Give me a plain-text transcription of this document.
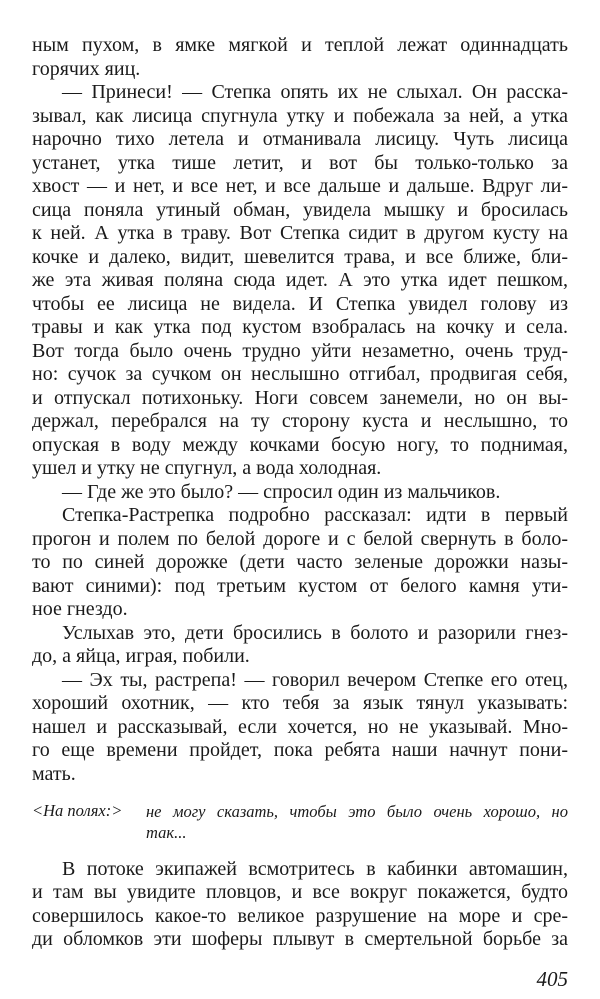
ным пухом, в ямке мягкой и теплой лежат одиннадцать
горячих яиц.
— Принеси! — Степка опять их не слыхал. Он расска-
зывал, как лисица спугнула утку и побежала за ней, а утка
нарочно тихо летела и отманивала лисицу. Чуть лисица
устанет, утка тише летит, и вот бы только-только за
хвост — и нет, и все нет, и все дальше и дальше. Вдруг ли-
сица поняла утиный обман, увидела мышку и бросилась
к ней. А утка в траву. Вот Степка сидит в другом кусту на
кочке и далеко, видит, шевелится трава, и все ближе, бли-
же эта живая поляна сюда идет. А это утка идет пешком,
чтобы ее лисица не видела. И Степка увидел голову из
травы и как утка под кустом взобралась на кочку и села.
Вот тогда было очень трудно уйти незаметно, очень труд-
но: сучок за сучком он неслышно отгибал, продвигая себя,
и отпускал потихоньку. Ноги совсем занемели, но он вы-
держал, перебрался на ту сторону куста и неслышно, то
опуская в воду между кочками босую ногу, то поднимая,
ушел и утку не спугнул, а вода холодная.
— Где же это было? — спросил один из мальчиков.
Степка-Растрепка подробно рассказал: идти в первый
прогон и полем по белой дороге и с белой свернуть в боло-
то по синей дорожке (дети часто зеленые дорожки назы-
вают синими): под третьим кустом от белого камня ути-
ное гнездо.
Услыхав это, дети бросились в болото и разорили гнез-
до, а яйца, играя, побили.
— Эх ты, растрепа! — говорил вечером Степке его отец,
хороший охотник, — кто тебя за язык тянул указывать:
нашел и рассказывай, если хочется, но не указывай. Мно-
го еще времени пройдет, пока ребята наши начнут пони-
мать.
В потоке экипажей всмотритесь в кабинки автомашин,
и там вы увидите пловцов, и все вокруг покажется, будто
совершилось какое-то великое разрушение на море и сре-
ди обломков эти шоферы плывут в смертельной борьбе за
<На полях:> не могу сказать, чтобы это было очень хорошо, но
так...
405
